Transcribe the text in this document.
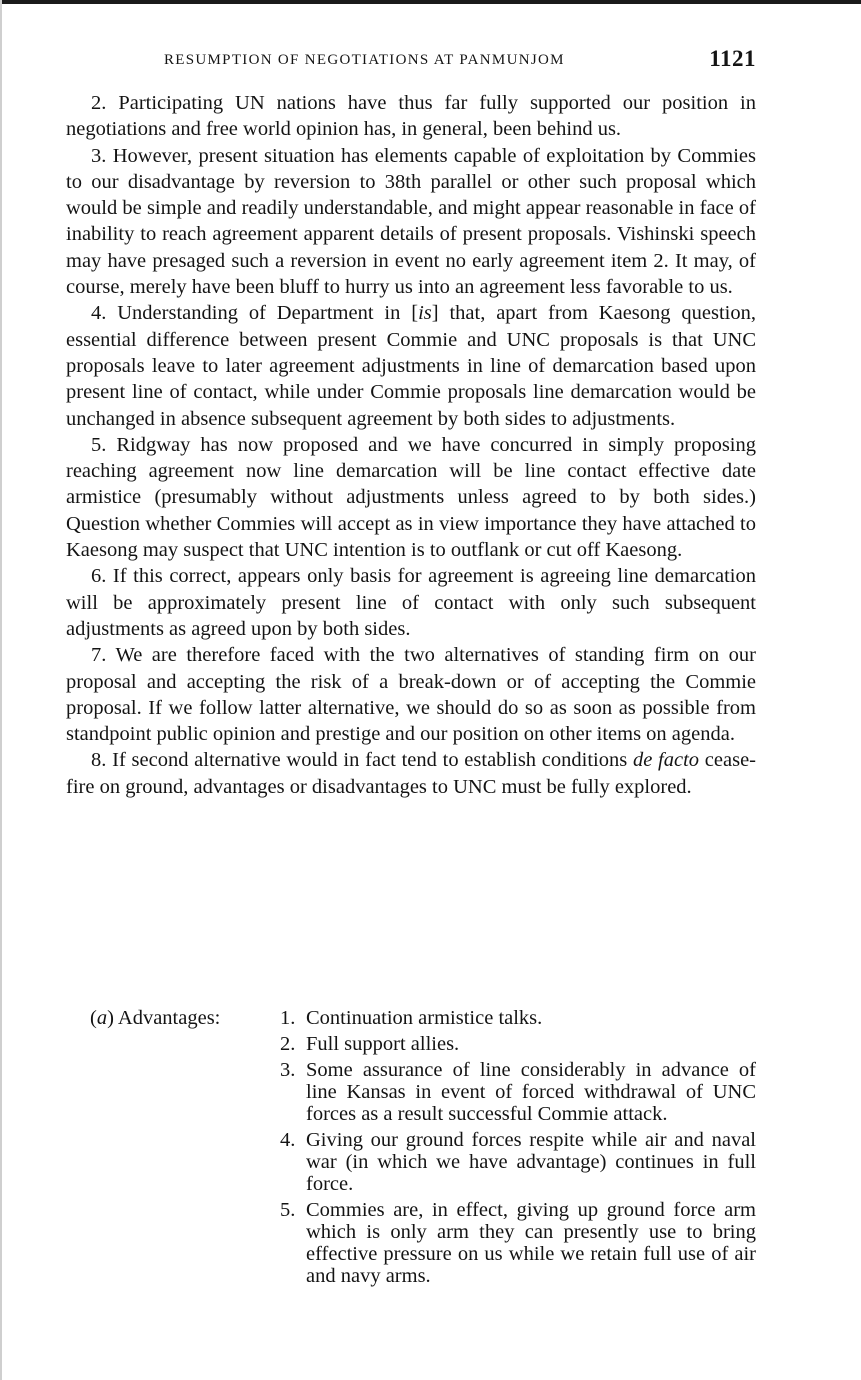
RESUMPTION OF NEGOTIATIONS AT PANMUNJOM	1121

2. Participating UN nations have thus far fully supported our position in negotiations and free world opinion has, in general, been behind us.

3. However, present situation has elements capable of exploitation by Commies to our disadvantage by reversion to 38th parallel or other such proposal which would be simple and readily understandable, and might appear reasonable in face of inability to reach agreement apparent details of present proposals. Vishinski speech may have presaged such a reversion in event no early agreement item 2. It may, of course, merely have been bluff to hurry us into an agreement less favorable to us.

4. Understanding of Department in [is] that, apart from Kaesong question, essential difference between present Commie and UNC proposals is that UNC proposals leave to later agreement adjustments in line of demarcation based upon present line of contact, while under Commie proposals line demarcation would be unchanged in absence subsequent agreement by both sides to adjustments.

5. Ridgway has now proposed and we have concurred in simply proposing reaching agreement now line demarcation will be line contact effective date armistice (presumably without adjustments unless agreed to by both sides.) Question whether Commies will accept as in view importance they have attached to Kaesong may suspect that UNC intention is to outflank or cut off Kaesong.

6. If this correct, appears only basis for agreement is agreeing line demarcation will be approximately present line of contact with only such subsequent adjustments as agreed upon by both sides.

7. We are therefore faced with the two alternatives of standing firm on our proposal and accepting the risk of a break-down or of accepting the Commie proposal. If we follow latter alternative, we should do so as soon as possible from standpoint public opinion and prestige and our position on other items on agenda.

8. If second alternative would in fact tend to establish conditions de facto cease-fire on ground, advantages or disadvantages to UNC must be fully explored.

(a) Advantages:	1. Continuation armistice talks.
2. Full support allies.
3. Some assurance of line considerably in advance of line Kansas in event of forced withdrawal of UNC forces as a result successful Commie attack.
4. Giving our ground forces respite while air and naval war (in which we have advantage) continues in full force.
5. Commies are, in effect, giving up ground force arm which is only arm they can presently use to bring effective pressure on us while we retain full use of air and navy arms.
